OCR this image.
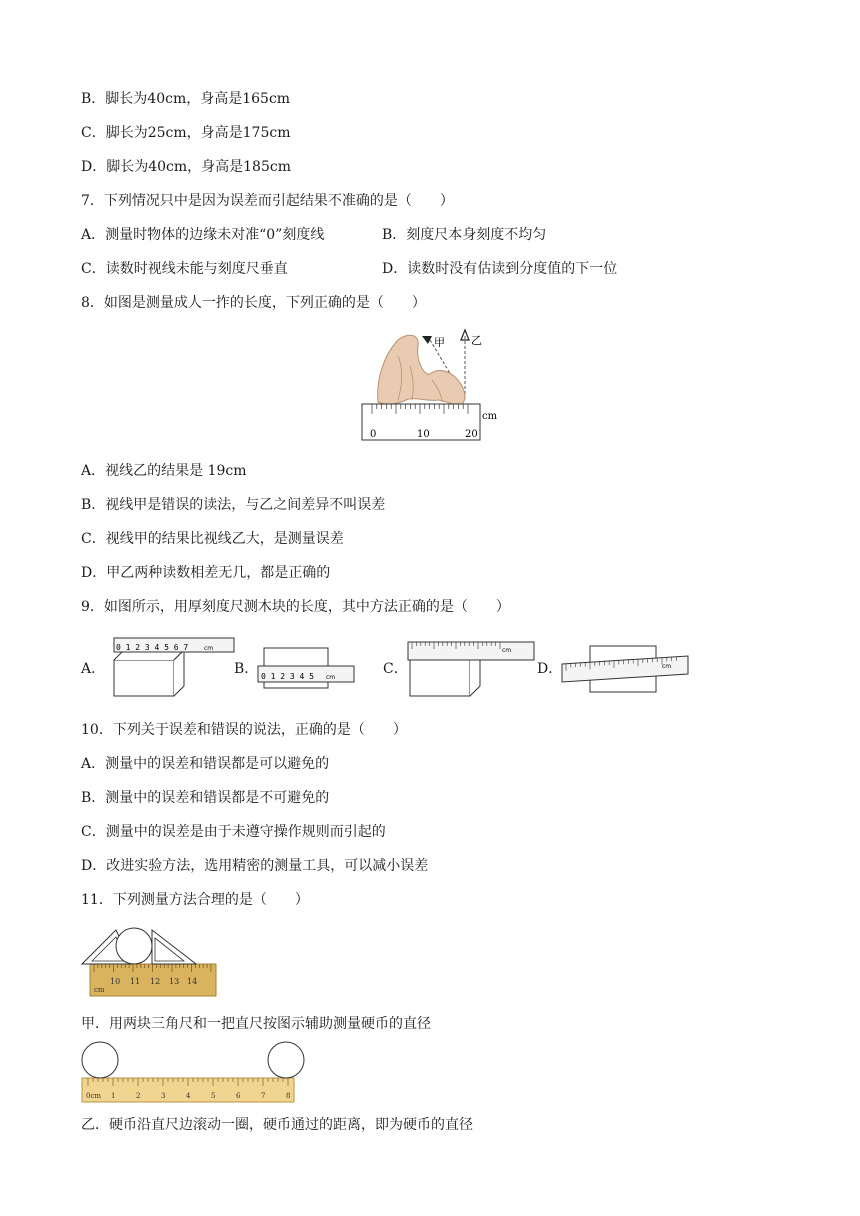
B．脚长为40cm，身高是165cm
C．脚长为25cm，身高是175cm
D．脚长为40cm，身高是185cm
7．下列情况只中是因为误差而引起结果不准确的是（　　）
A．测量时物体的边缘未对准“0”刻度线	B．刻度尺本身刻度不均匀
C．读数时视线未能与刻度尺垂直	D．读数时没有估读到分度值的下一位
8．如图是测量成人一拃的长度，下列正确的是（　　）
甲 乙
cm
0	10	20
A．视线乙的结果是 19cm
B．视线甲是错误的读法，与乙之间差异不叫误差
C．视线甲的结果比视线乙大，是测量误差
D．甲乙两种读数相差无几，都是正确的
9．如图所示，用厚刻度尺测木块的长度，其中方法正确的是（　　）
A．
0 1 2 3 4 5 6 7	cm
B． 0 1 2 3 4 5 cm
C．
cm
D．	cm
10．下列关于误差和错误的说法，正确的是（　　）
A．测量中的误差和错误都是可以避免的
B．测量中的误差和错误都是不可避免的
C．测量中的误差是由于未遵守操作规则而引起的
D．改进实验方法，选用精密的测量工具，可以减小误差
11．下列测量方法合理的是（　　）
10 11 12 13 14
cm
甲．用两块三角尺和一把直尺按图示辅助测量硬币的直径
0cm 1	2	3	4	5	6	7	8
乙．硬币沿直尺边滚动一圈，硬币通过的距离，即为硬币的直径
